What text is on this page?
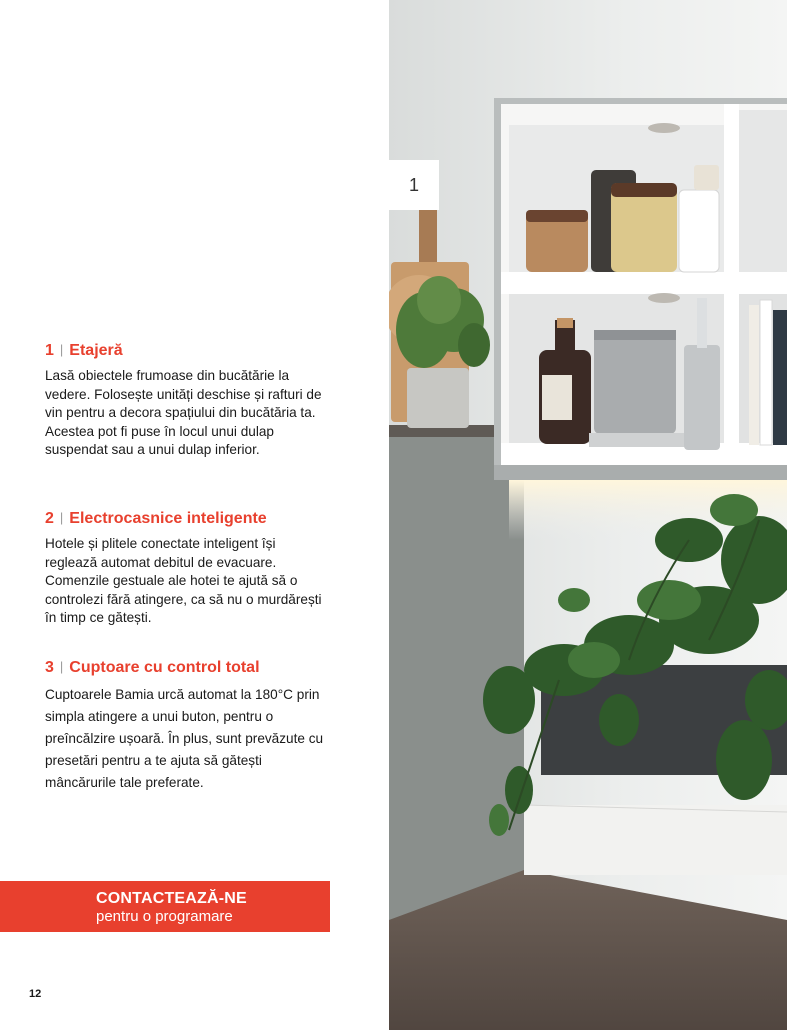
1 | Etajeră

Lasă obiectele frumoase din bucătărie la vedere. Folosește unități deschise și rafturi de vin pentru a decora spațiului din bucătăria ta. Acestea pot fi puse în locul unui dulap suspendat sau a unui dulap inferior.

2 | Electrocasnice inteligente

Hotele și plitele conectate inteligent își reglează automat debitul de evacuare. Comenzile gestuale ale hotei te ajută să o controlezi fără atingere, ca să nu o murdărești în timp ce gătești.

3 | Cuptoare cu control total

Cuptoarele Bamia urcă automat la 180°C prin simpla atingere a unui buton, pentru o preîncălzire ușoară. În plus, sunt prevăzute cu presetări pentru a te ajuta să gătești mâncărurile tale preferate.

CONTACTEAZĂ-NE
pentru o programare
12
1
